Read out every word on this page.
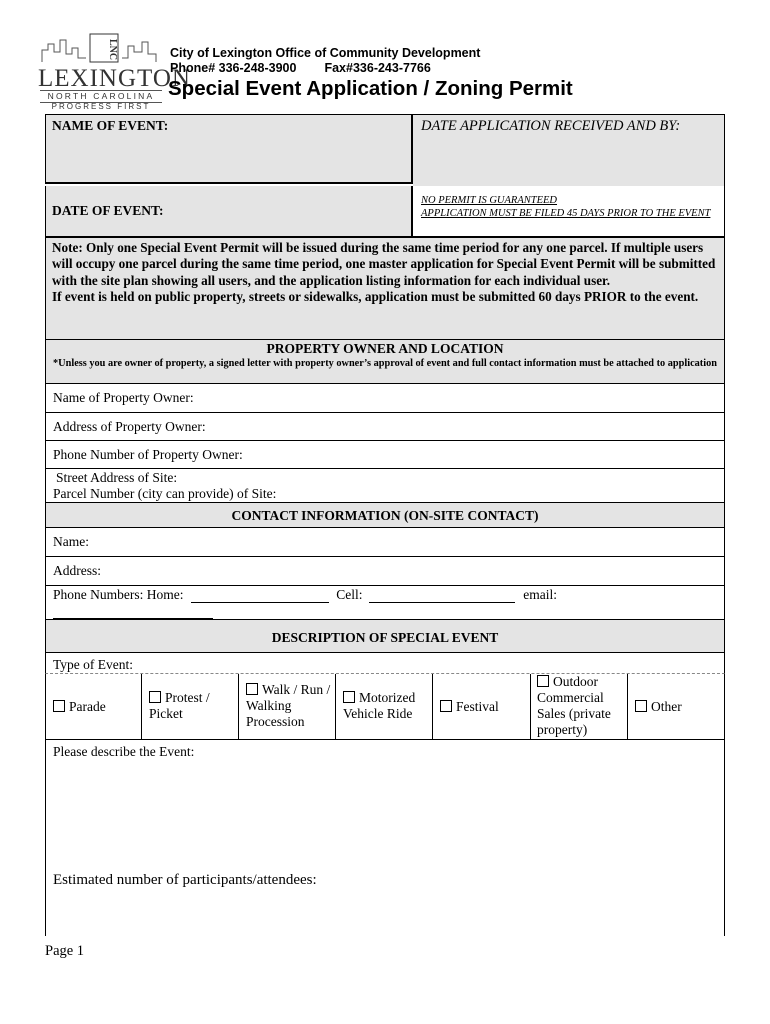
LNC
LEXINGTON
NORTH CAROLINA
PROGRESS FIRST
City of Lexington Office of Community Development
Phone# 336-248-3900 Fax#336-243-7766
Special Event Application / Zoning Permit
NAME OF EVENT:	DATE APPLICATION RECEIVED AND BY:
DATE OF EVENT:
NO PERMIT IS GUARANTEED
APPLICATION MUST BE FILED 45 DAYS PRIOR TO THE EVENT
Note: Only one Special Event Permit will be issued during the same time period for any one parcel. If multiple users will occupy one parcel during the same time period, one master application for Special Event Permit will be submitted with the site plan showing all users, and the application listing information for each individual user.
If event is held on public property, streets or sidewalks, application must be submitted 60 days PRIOR to the event.
PROPERTY OWNER AND LOCATION
*Unless you are owner of property, a signed letter with property owner’s approval of event and full contact information must be attached to application
Name of Property Owner:
Address of Property Owner:
Phone Number of Property Owner:
Street Address of Site:
Parcel Number (city can provide) of Site:
CONTACT INFORMATION (ON-SITE CONTACT)
Name:
Address:
Phone Numbers: Home:	Cell:	email:
DESCRIPTION OF SPECIAL EVENT
Type of Event:
Parade
Protest / Picket
Walk / Run / Walking Procession
Motorized Vehicle Ride	Festival
Outdoor Commercial Sales (private property)
Other
Please describe the Event:
Estimated number of participants/attendees:
Page 1
